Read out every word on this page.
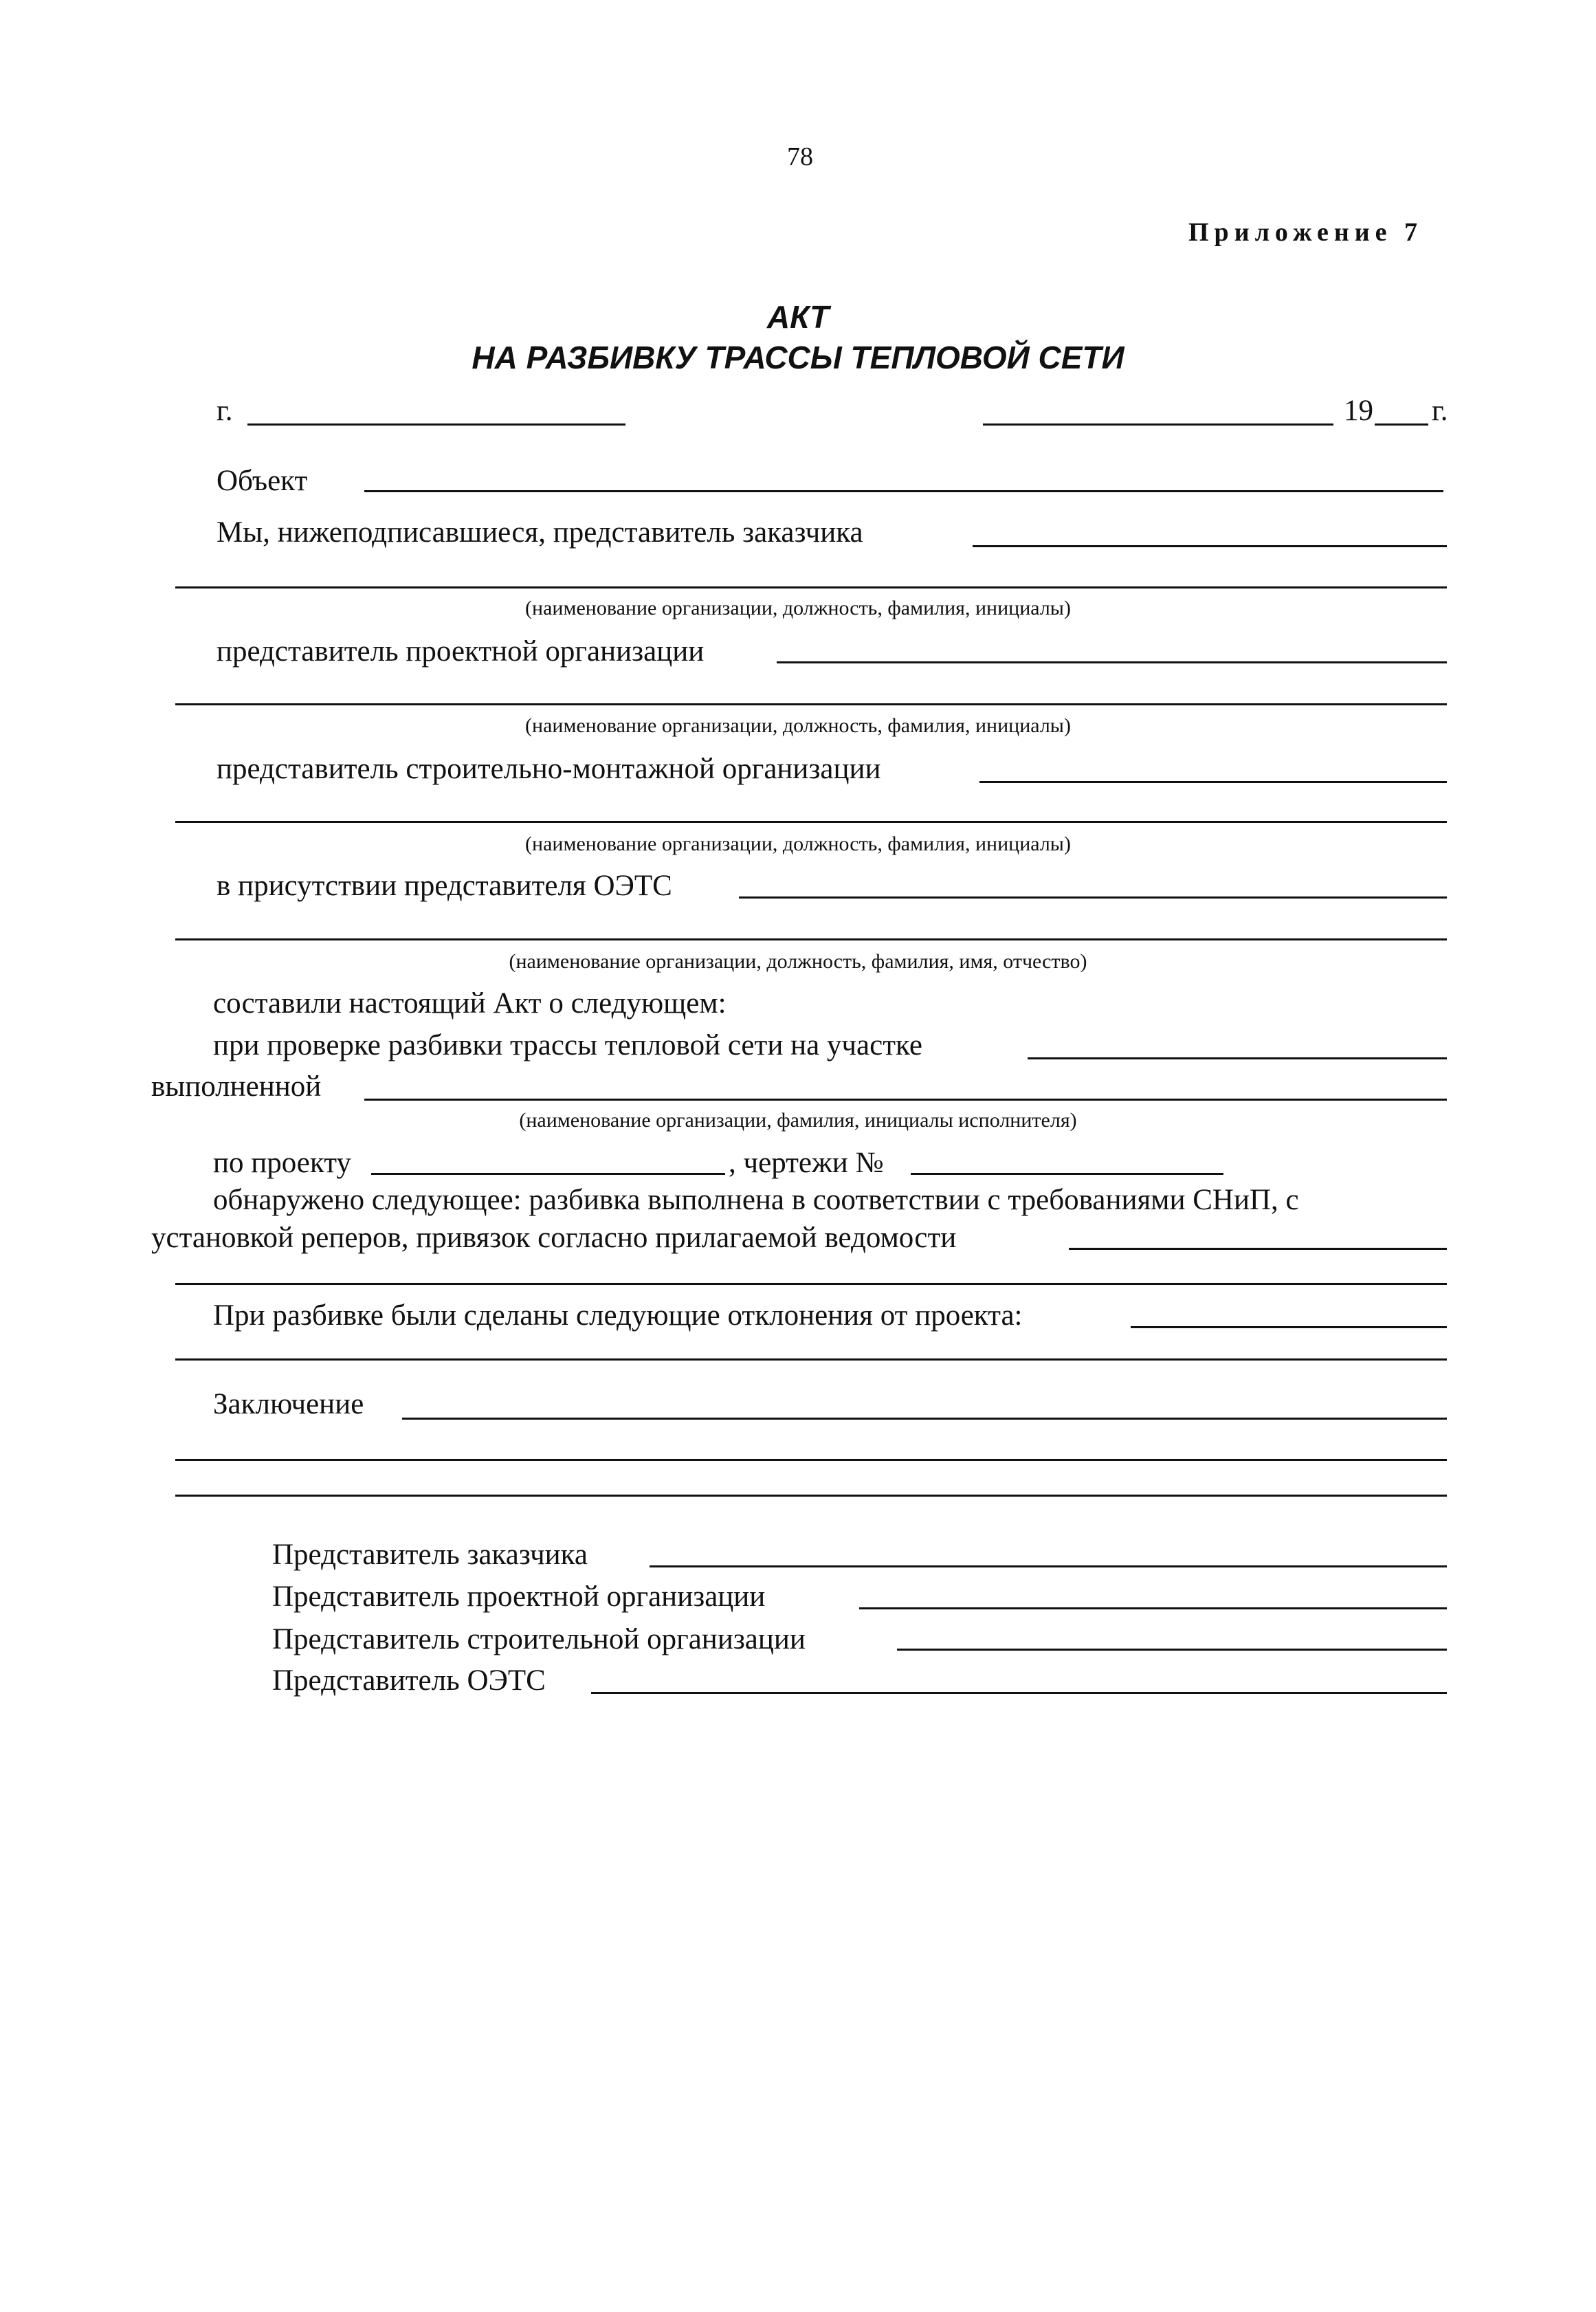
78
Приложение 7
АКТ
НА РАЗБИВКУ ТРАССЫ ТЕПЛОВОЙ СЕТИ
г.	19 г.
Объект
Мы, нижеподписавшиеся, представитель заказчика
(наименование организации, должность, фамилия, инициалы)
представитель проектной организации
(наименование организации, должность, фамилия, инициалы)
представитель строительно-монтажной организации
(наименование организации, должность, фамилия, инициалы)
в присутствии представителя ОЭТС
(наименование организации, должность, фамилия, имя, отчество)
составили настоящий Акт о следующем:
при проверке разбивки трассы тепловой сети на участке
выполненной
(наименование организации, фамилия, инициалы исполнителя)
по проекту	, чертежи №
обнаружено следующее: разбивка выполнена в соответствии с требованиями СНиП, с
установкой реперов, привязок согласно прилагаемой ведомости
При разбивке были сделаны следующие отклонения от проекта:
Заключение
Представитель заказчика
Представитель проектной организации
Представитель строительной организации
Представитель ОЭТС
